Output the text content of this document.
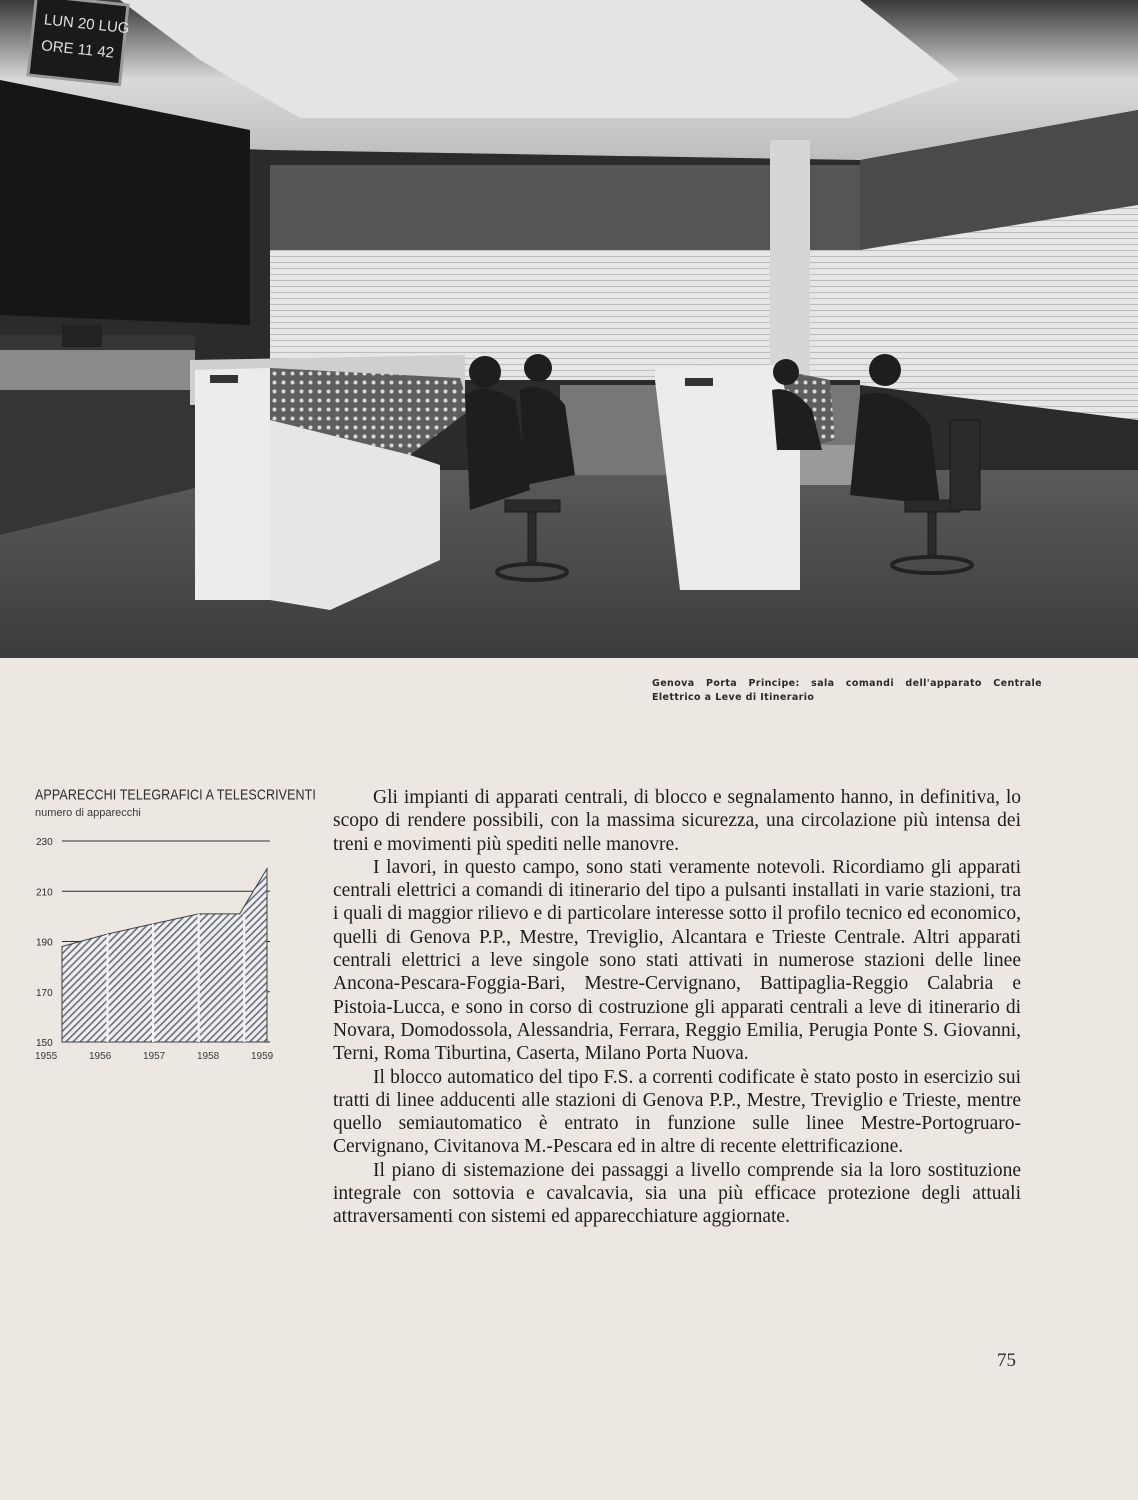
LUN 20 LUG
ORE 11 42
Genova Porta Principe: sala comandi dell'apparato Centrale Elettrico a Leve di Itinerario
APPARECCHI TELEGRAFICI A TELESCRIVENTI
numero di apparecchi
230
210
190
170
150
1955	1956	1957	1958	1959

Gli impianti di apparati centrali, di blocco e segnalamento hanno, in definitiva, lo scopo di rendere possibili, con la massima sicurezza, una circolazione più intensa dei treni e movimenti più spediti nelle manovre.

I lavori, in questo campo, sono stati veramente notevoli. Ricordiamo gli apparati centrali elettrici a comandi di itinerario del tipo a pulsanti installati in varie stazioni, tra i quali di maggior rilievo e di particolare interesse sotto il profilo tecnico ed economico, quelli di Genova P.P., Mestre, Treviglio, Alcantara e Trieste Centrale. Altri apparati centrali elettrici a leve singole sono stati attivati in numerose stazioni delle linee Ancona-Pescara-Foggia-Bari, Mestre-Cervignano, Battipaglia-Reggio Calabria e Pistoia-Lucca, e sono in corso di costruzione gli apparati centrali a leve di itinerario di Novara, Domodossola, Alessandria, Ferrara, Reggio Emilia, Perugia Ponte S. Giovanni, Terni, Roma Tiburtina, Caserta, Milano Porta Nuova.

Il blocco automatico del tipo F.S. a correnti codificate è stato posto in esercizio sui tratti di linee adducenti alle stazioni di Genova P.P., Mestre, Treviglio e Trieste, mentre quello semiautomatico è entrato in funzione sulle linee Mestre-Portogruaro-Cervignano, Civitanova M.-Pescara ed in altre di recente elettrificazione.

Il piano di sistemazione dei passaggi a livello comprende sia la loro sostituzione integrale con sottovia e cavalcavia, sia una più efficace protezione degli attuali attraversamenti con sistemi ed apparecchiature aggiornate.

75
